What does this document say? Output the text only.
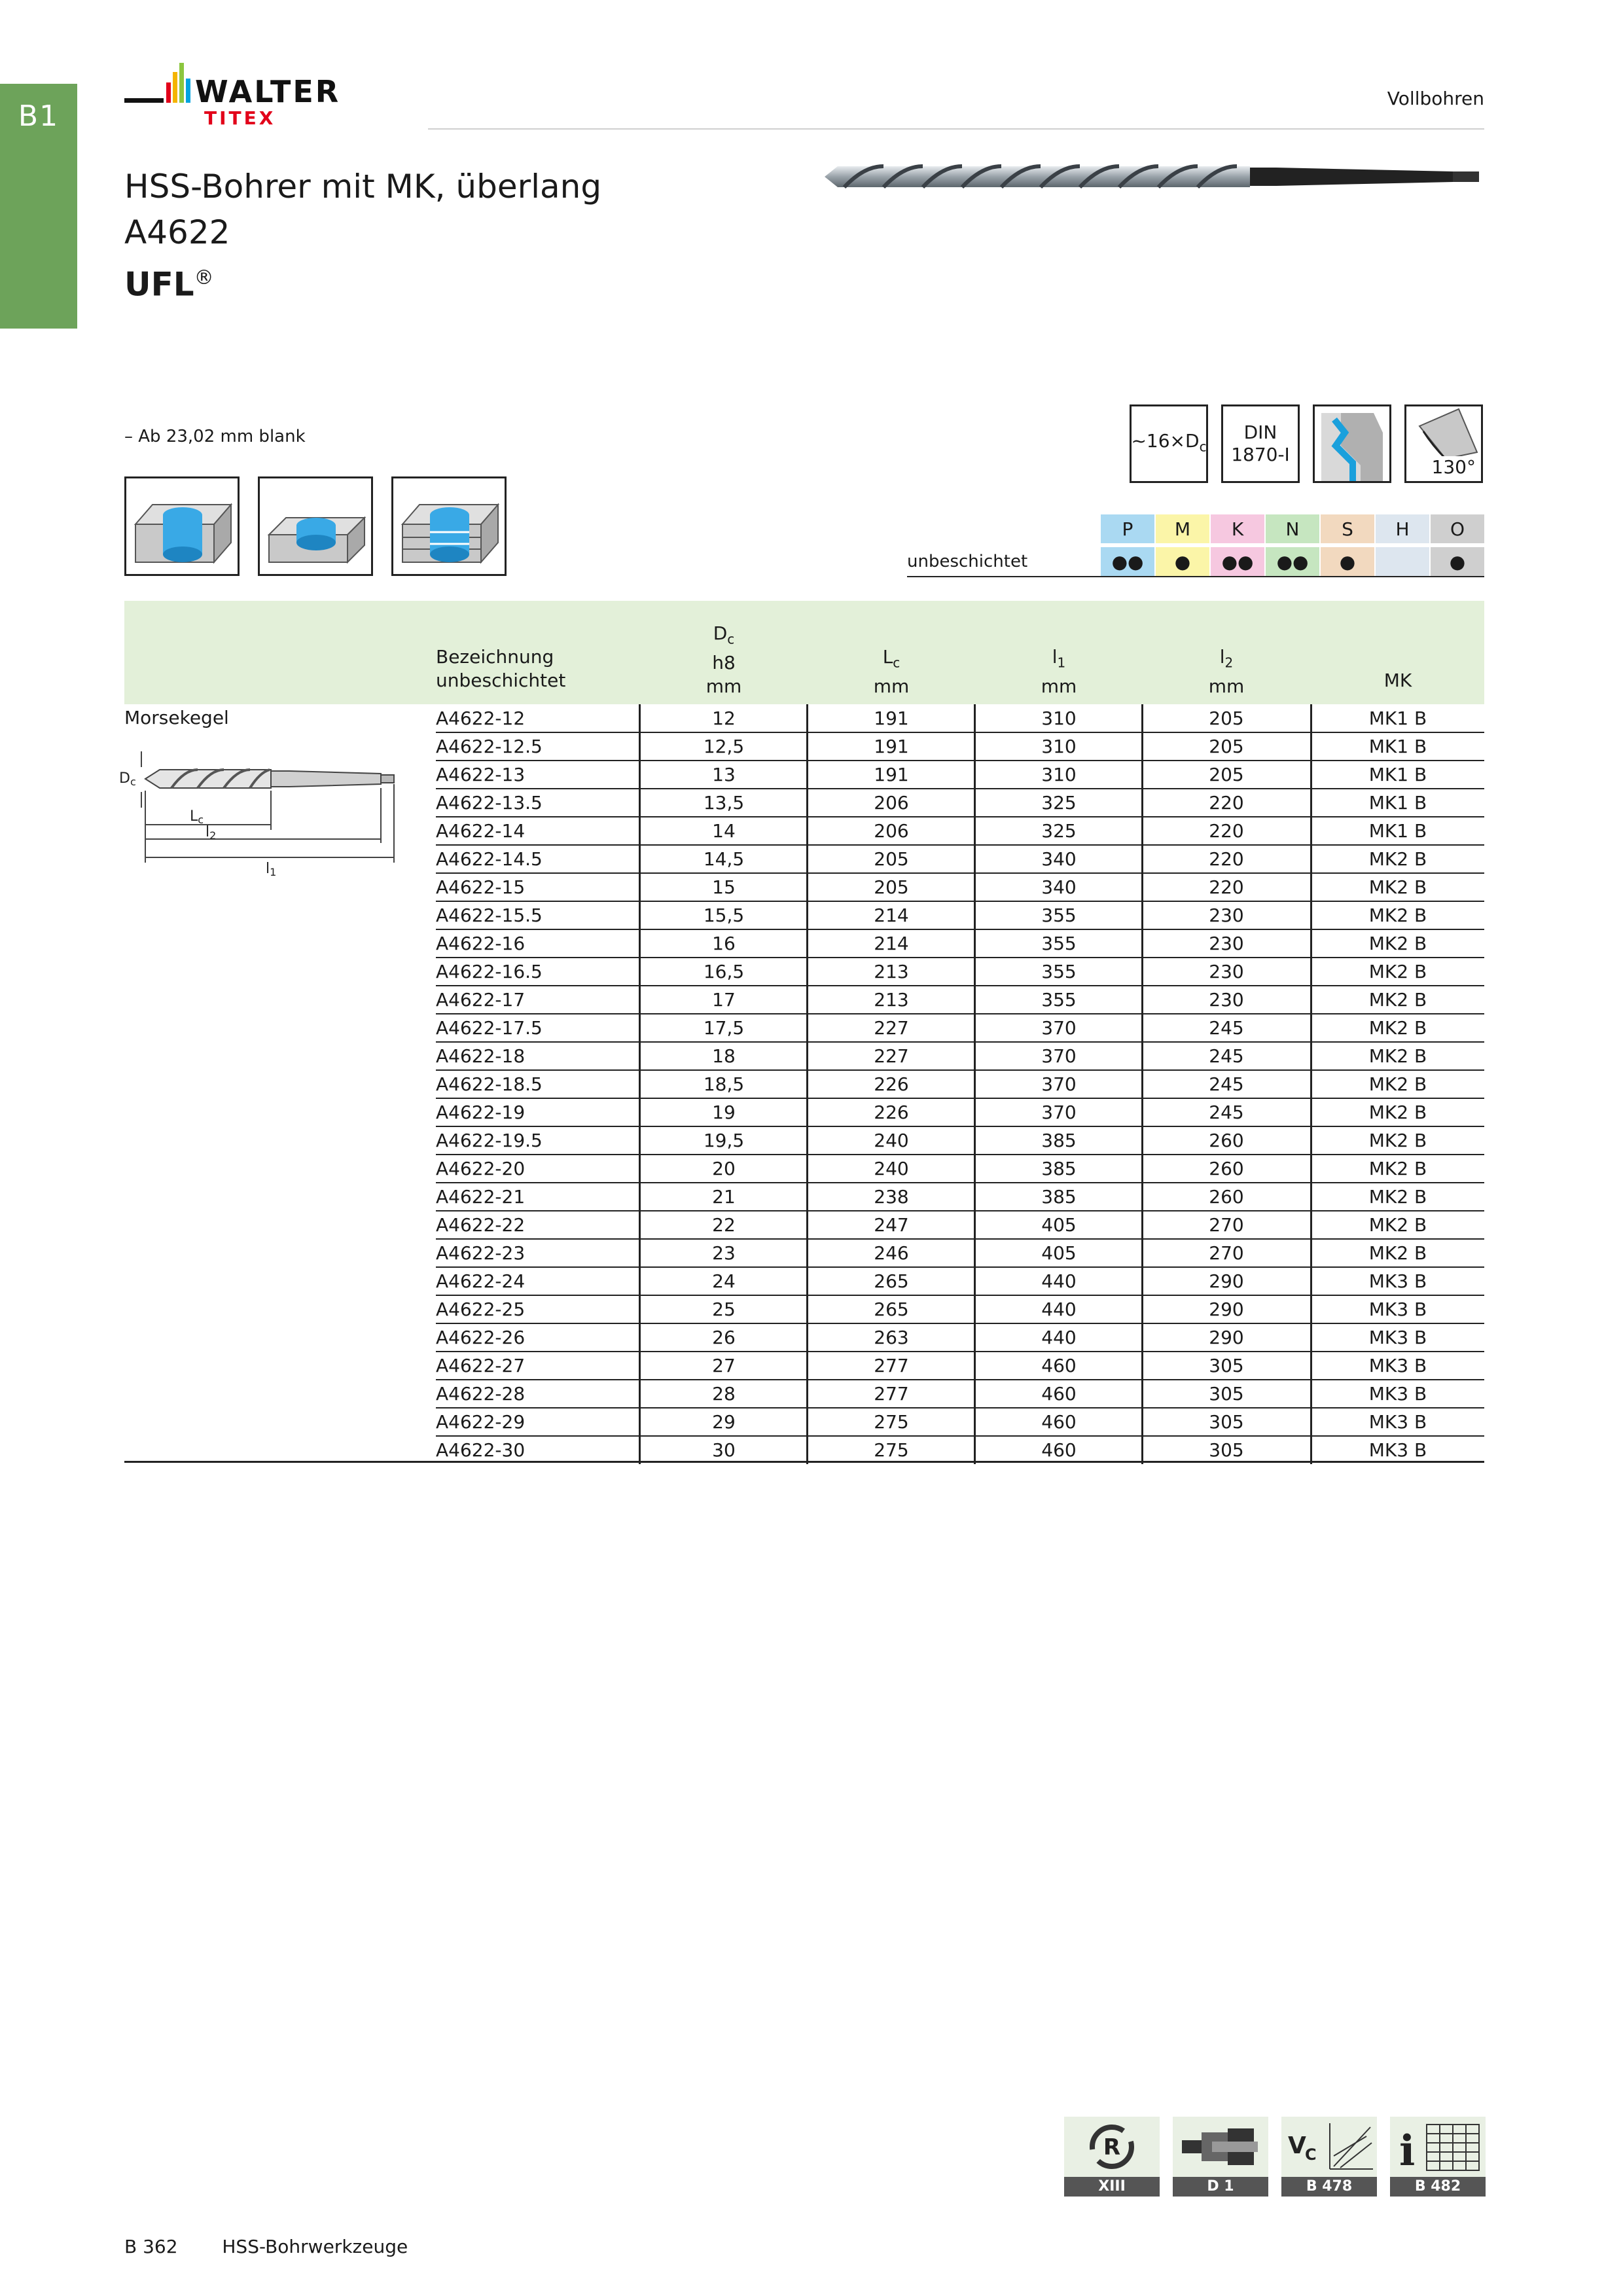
B1
WALTER
TITEX
Vollbohren
HSS-Bohrer mit MK, überlang
A4622
UFL®
– Ab 23,02 mm blank	$\sim 16\times D_c$
DIN
1870-I
130°
P
●●
M
●
K
●●
N
●●
S
●
H	O
●
unbeschichtet
Bezeichnung
unbeschichtet
$D_c$
h8
mm
$L_c$
mm
$l_1$
mm
$l_2$
mm	MK
Morsekegel
Dc
Lc
l2
l1
A4622-12	12	191	310	205	MK1 B
A4622-12.5	12,5	191	310	205	MK1 B
A4622-13	13	191	310	205	MK1 B
A4622-13.5	13,5	206	325	220	MK1 B
A4622-14	14	206	325	220	MK1 B
A4622-14.5	14,5	205	340	220	MK2 B
A4622-15	15	205	340	220	MK2 B
A4622-15.5	15,5	214	355	230	MK2 B
A4622-16	16	214	355	230	MK2 B
A4622-16.5	16,5	213	355	230	MK2 B
A4622-17	17	213	355	230	MK2 B
A4622-17.5	17,5	227	370	245	MK2 B
A4622-18	18	227	370	245	MK2 B
A4622-18.5	18,5	226	370	245	MK2 B
A4622-19	19	226	370	245	MK2 B
A4622-19.5	19,5	240	385	260	MK2 B
A4622-20	20	240	385	260	MK2 B
A4622-21	21	238	385	260	MK2 B
A4622-22	22	247	405	270	MK2 B
A4622-23	23	246	405	270	MK2 B
A4622-24	24	265	440	290	MK3 B
A4622-25	25	265	440	290	MK3 B
A4622-26	26	263	440	290	MK3 B
A4622-27	27	277	460	305	MK3 B
A4622-28	28	277	460	305	MK3 B
A4622-29	29	275	460	305	MK3 B
A4622-30	30	275	460	305	MK3 B
R
XIII	D 1
V
C
B 478
i
B 482
B 362 HSS-Bohrwerkzeuge
